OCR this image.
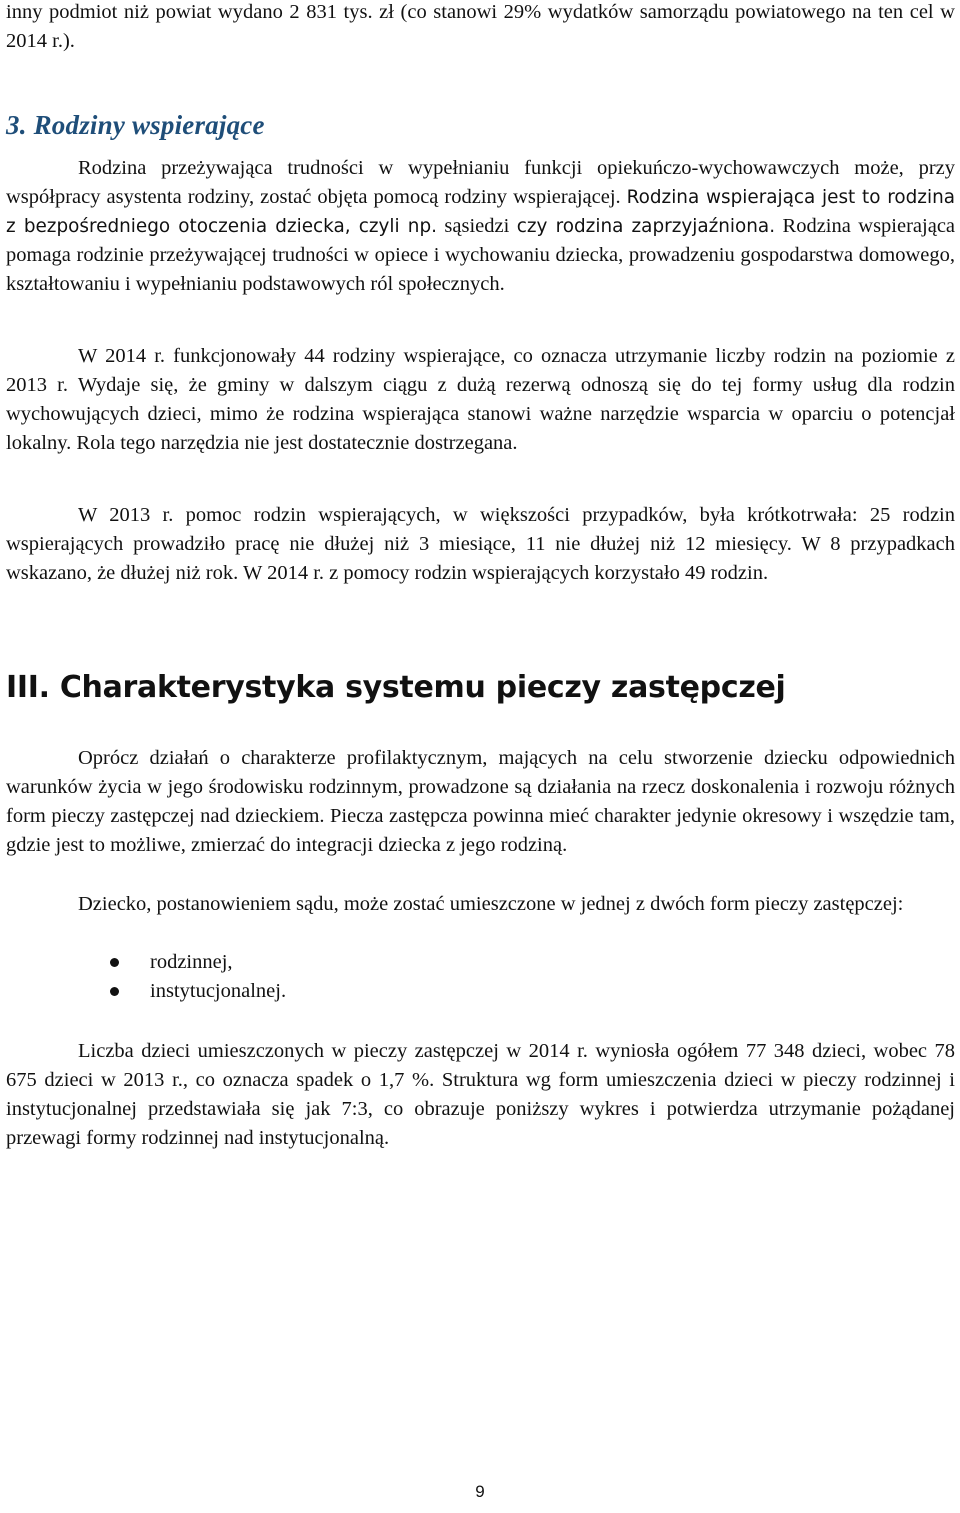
inny podmiot niż powiat wydano 2 831 tys. zł (co stanowi 29% wydatków samorządu powiatowego na ten cel w 2014 r.).

3. Rodziny wspierające

Rodzina przeżywająca trudności w wypełnianiu funkcji opiekuńczo-wychowawczych może, przy współpracy asystenta rodziny, zostać objęta pomocą rodziny wspierającej. Rodzina wspierająca jest to rodzina z bezpośredniego otoczenia dziecka, czyli np. sąsiedzi czy rodzina zaprzyjaźniona. Rodzina wspierająca pomaga rodzinie przeżywającej trudności w opiece i wychowaniu dziecka, prowadzeniu gospodarstwa domowego, kształtowaniu i wypełnianiu podstawowych ról społecznych.

W 2014 r. funkcjonowały 44 rodziny wspierające, co oznacza utrzymanie liczby rodzin na poziomie z 2013 r. Wydaje się, że gminy w dalszym ciągu z dużą rezerwą odnoszą się do tej formy usług dla rodzin wychowujących dzieci, mimo że rodzina wspierająca stanowi ważne narzędzie wsparcia w oparciu o potencjał lokalny. Rola tego narzędzia nie jest dostatecznie dostrzegana.

W 2013 r. pomoc rodzin wspierających, w większości przypadków, była krótkotrwała: 25 rodzin wspierających prowadziło pracę nie dłużej niż 3 miesiące, 11 nie dłużej niż 12 miesięcy. W 8 przypadkach wskazano, że dłużej niż rok. W 2014 r. z pomocy rodzin wspierających korzystało 49 rodzin.

III. Charakterystyka systemu pieczy zastępczej

Oprócz działań o charakterze profilaktycznym, mających na celu stworzenie dziecku odpowiednich warunków życia w jego środowisku rodzinnym, prowadzone są działania na rzecz doskonalenia i rozwoju różnych form pieczy zastępczej nad dzieckiem. Piecza zastępcza powinna mieć charakter jedynie okresowy i wszędzie tam, gdzie jest to możliwe, zmierzać do integracji dziecka z jego rodziną.

Dziecko, postanowieniem sądu, może zostać umieszczone w jednej z dwóch form pieczy zastępczej:

rodzinnej,
instytucjonalnej.

Liczba dzieci umieszczonych w pieczy zastępczej w 2014 r. wyniosła ogółem 77 348 dzieci, wobec 78 675 dzieci w 2013 r., co oznacza spadek o 1,7 %. Struktura wg form umieszczenia dzieci w pieczy rodzinnej i instytucjonalnej przedstawiała się jak 7:3, co obrazuje poniższy wykres i potwierdza utrzymanie pożądanej przewagi formy rodzinnej nad instytucjonalną.

9
